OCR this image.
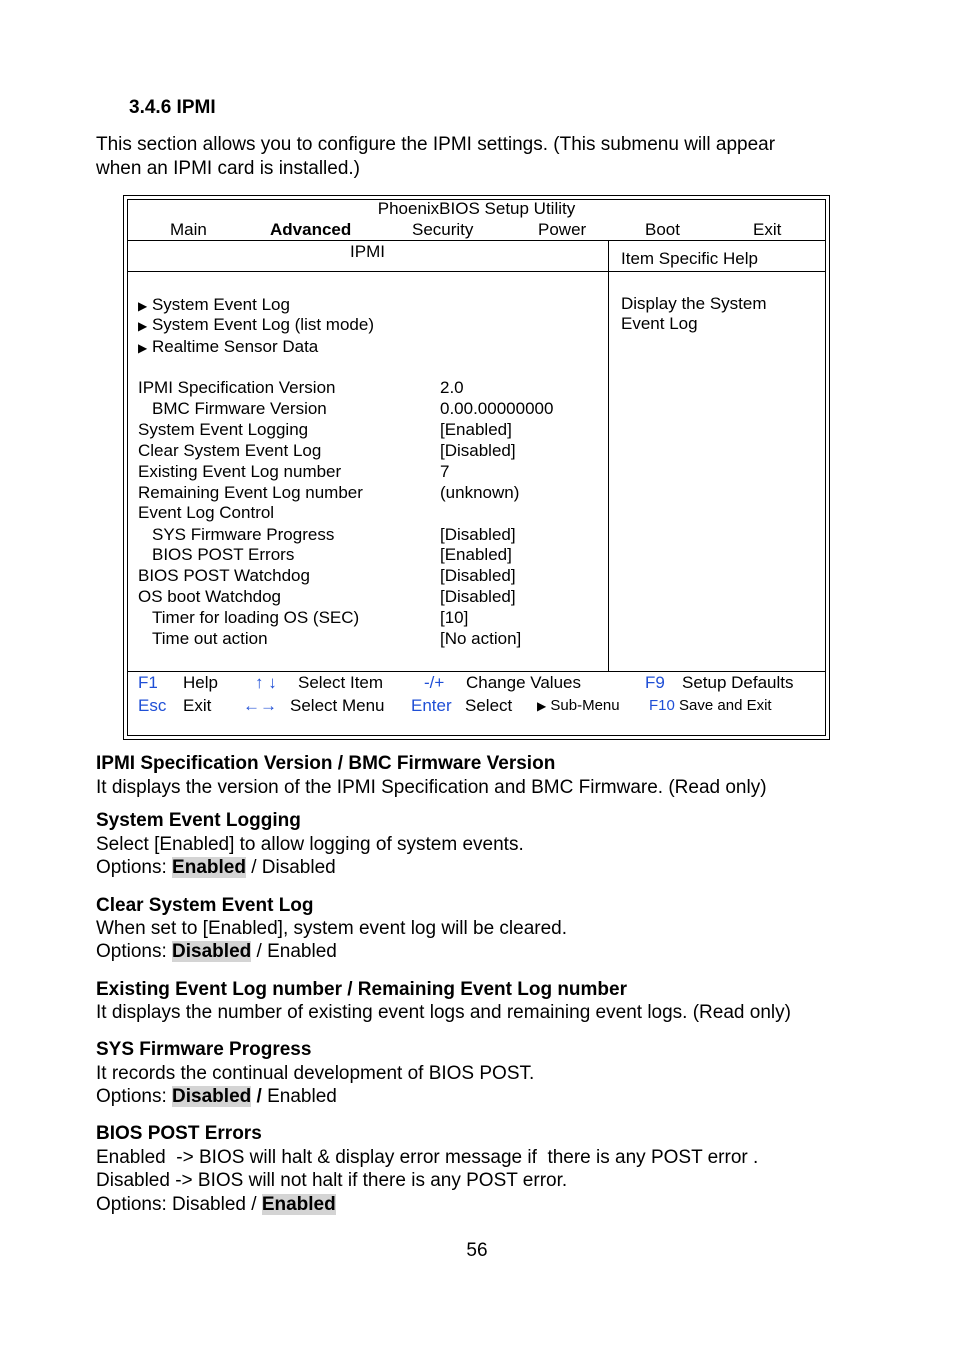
3.4.6 IPMI
This section allows you to configure the IPMI settings. (This submenu will appear
when an IPMI card is installed.)
PhoenixBIOS Setup Utility
Main	Advanced	Security	Power	Boot	Exit
IPMI	Item Specific Help
▶ System Event Log
▶ System Event Log (list mode)
▶ Realtime Sensor Data
IPMI Specification Version	2.0
BMC Firmware Version	0.00.00000000
System Event Logging	[Enabled]
Clear System Event Log	[Disabled]
Existing Event Log number	7
Remaining Event Log number	(unknown)
Event Log Control
SYS Firmware Progress	[Disabled]
BIOS POST Errors	[Enabled]
BIOS POST Watchdog	[Disabled]
OS boot Watchdog	[Disabled]
Timer for loading OS (SEC)	[10]
Time out action	[No action]
Display the System
Event Log
F1 Help ↑ ↓ Select Item -/+ Change Values	F9 Setup Defaults
Esc Exit ←→ Select Menu Enter Select ▶ Sub-Menu F10 Save and Exit
IPMI Specification Version / BMC Firmware Version
It displays the version of the IPMI Specification and BMC Firmware. (Read only)
System Event Logging
Select [Enabled] to allow logging of system events.
Options: Enabled / Disabled
Clear System Event Log
When set to [Enabled], system event log will be cleared.
Options: Disabled / Enabled
Existing Event Log number / Remaining Event Log number
It displays the number of existing event logs and remaining event logs. (Read only)
SYS Firmware Progress
It records the continual development of BIOS POST.
Options: Disabled / Enabled
BIOS POST Errors
Enabled  -> BIOS will halt & display error message if  there is any POST error .
Disabled -> BIOS will not halt if there is any POST error.
Options: Disabled / Enabled
56
